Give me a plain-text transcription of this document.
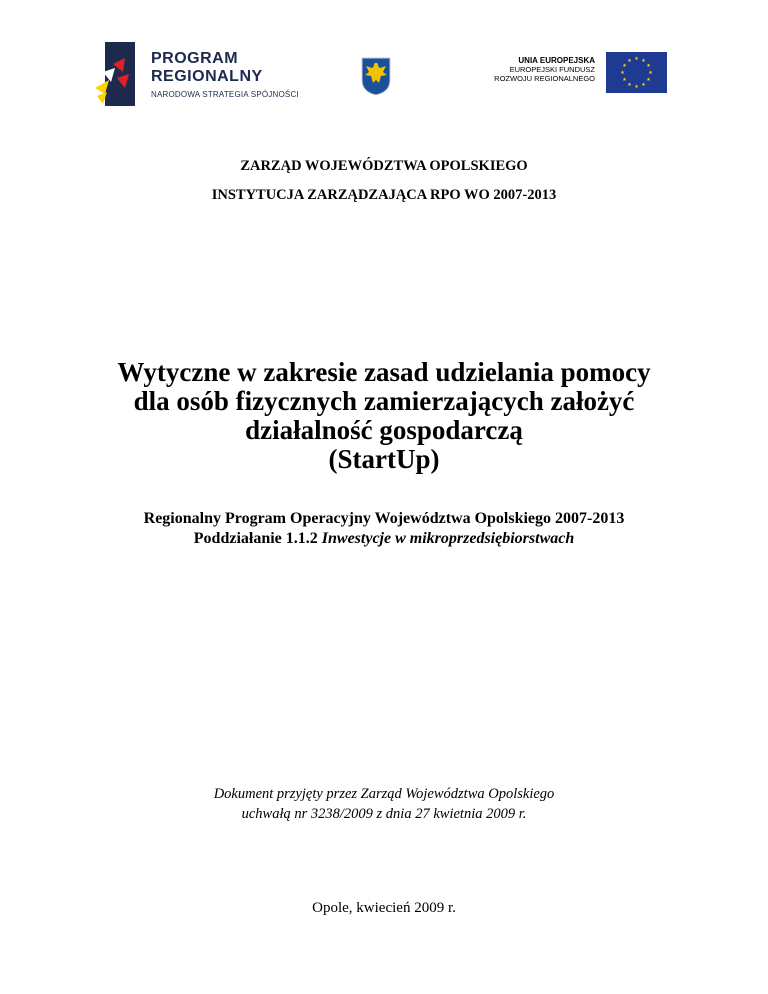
PROGRAM
REGIONALNY
NARODOWA STRATEGIA SPÓJNOŚCI
UNIA EUROPEJSKA
EUROPEJSKI FUNDUSZ
ROZWOJU REGIONALNEGO
★ ★
★
★
★
★
★
★
★
★
★
★
ZARZĄD WOJEWÓDZTWA OPOLSKIEGO
INSTYTUCJA ZARZĄDZAJĄCA RPO WO 2007-2013
Wytyczne w zakresie zasad udzielania pomocy
dla osób fizycznych zamierzających założyć
działalność gospodarczą
(StartUp)
Regionalny Program Operacyjny Województwa Opolskiego 2007-2013
Poddziałanie 1.1.2 Inwestycje w mikroprzedsiębiorstwach
Dokument przyjęty przez Zarząd Województwa Opolskiego
uchwałą nr 3238/2009 z dnia 27 kwietnia 2009 r.
Opole, kwiecień 2009 r.
